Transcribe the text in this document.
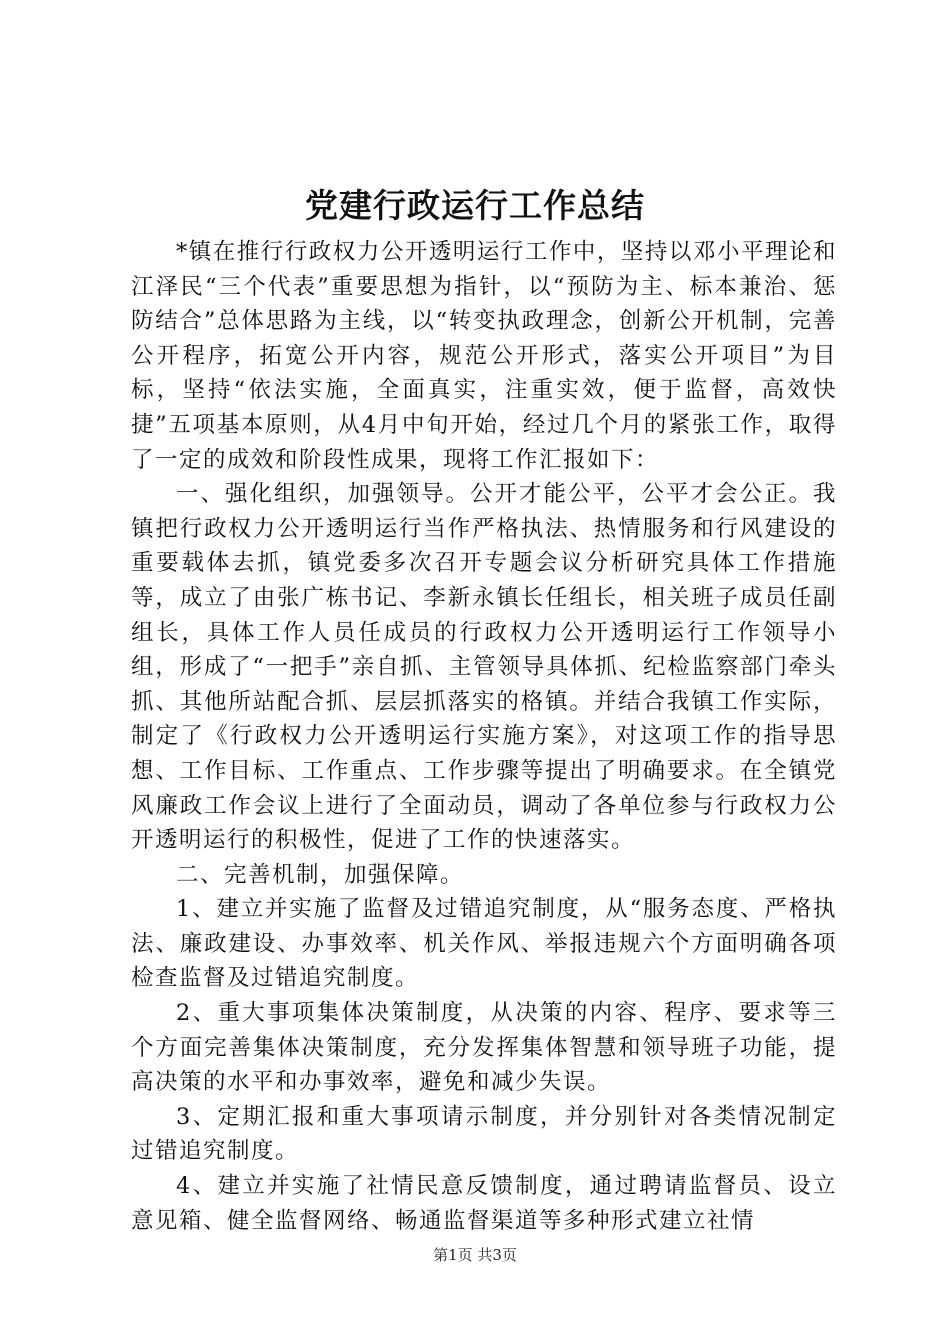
党建行政运行工作总结

*镇在推行行政权力公开透明运行工作中，坚持以邓小平理论和江泽民“三个代表”重要思想为指针，以“预防为主、标本兼治、惩防结合”总体思路为主线，以“转变执政理念，创新公开机制，完善公开程序，拓宽公开内容，规范公开形式，落实公开项目”为目标，坚持“依法实施，全面真实，注重实效，便于监督，高效快捷”五项基本原则，从4月中旬开始，经过几个月的紧张工作，取得了一定的成效和阶段性成果，现将工作汇报如下：

一、强化组织，加强领导。公开才能公平，公平才会公正。我镇把行政权力公开透明运行当作严格执法、热情服务和行风建设的重要载体去抓，镇党委多次召开专题会议分析研究具体工作措施等，成立了由张广栋书记、李新永镇长任组长，相关班子成员任副组长，具体工作人员任成员的行政权力公开透明运行工作领导小组，形成了“一把手”亲自抓、主管领导具体抓、纪检监察部门牵头抓、其他所站配合抓、层层抓落实的格镇。并结合我镇工作实际，制定了《行政权力公开透明运行实施方案》，对这项工作的指导思想、工作目标、工作重点、工作步骤等提出了明确要求。在全镇党风廉政工作会议上进行了全面动员，调动了各单位参与行政权力公开透明运行的积极性，促进了工作的快速落实。

二、完善机制，加强保障。

1、建立并实施了监督及过错追究制度，从“服务态度、严格执法、廉政建设、办事效率、机关作风、举报违规六个方面明确各项检查监督及过错追究制度。

2、重大事项集体决策制度，从决策的内容、程序、要求等三个方面完善集体决策制度，充分发挥集体智慧和领导班子功能，提高决策的水平和办事效率，避免和减少失误。

3、定期汇报和重大事项请示制度，并分别针对各类情况制定过错追究制度。

4、建立并实施了社情民意反馈制度，通过聘请监督员、设立意见箱、健全监督网络、畅通监督渠道等多种形式建立社情

第1页 共3页
